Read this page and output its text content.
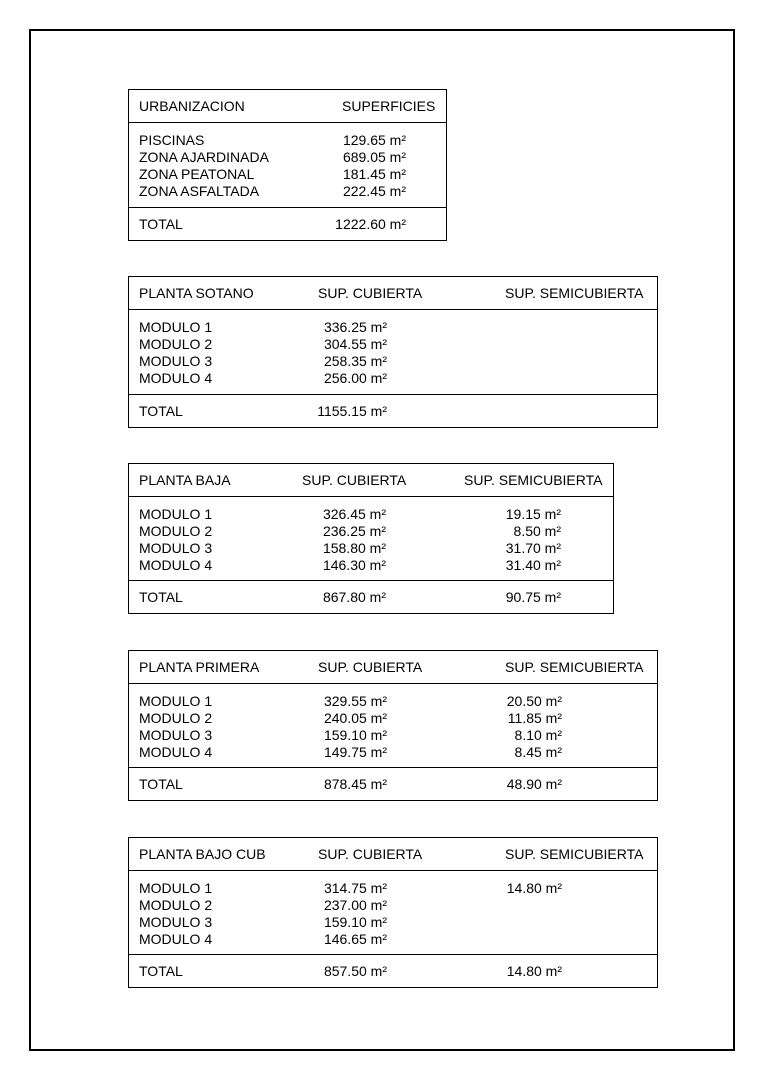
URBANIZACION	SUPERFICIES
PISCINAS	129.65 m²
ZONA AJARDINADA	689.05 m²
ZONA PEATONAL	181.45 m²
ZONA ASFALTADA	222.45 m²
TOTAL	1222.60 m²
PLANTA SOTANO	SUP. CUBIERTA	SUP. SEMICUBIERTA
MODULO 1	336.25 m²
MODULO 2	304.55 m²
MODULO 3	258.35 m²
MODULO 4	256.00 m²
TOTAL	1155.15 m²
PLANTA BAJA	SUP. CUBIERTA	SUP. SEMICUBIERTA
MODULO 1	326.45 m²	19.15 m²
MODULO 2	236.25 m²	8.50 m²
MODULO 3	158.80 m²	31.70 m²
MODULO 4	146.30 m²	31.40 m²
TOTAL	867.80 m²	90.75 m²
PLANTA PRIMERA	SUP. CUBIERTA	SUP. SEMICUBIERTA
MODULO 1	329.55 m²	20.50 m²
MODULO 2	240.05 m²	11.85 m²
MODULO 3	159.10 m²	8.10 m²
MODULO 4	149.75 m²	8.45 m²
TOTAL	878.45 m²	48.90 m²
PLANTA BAJO CUB	SUP. CUBIERTA	SUP. SEMICUBIERTA
MODULO 1	314.75 m²	14.80 m²
MODULO 2	237.00 m²
MODULO 3	159.10 m²
MODULO 4	146.65 m²
TOTAL	857.50 m²	14.80 m²
